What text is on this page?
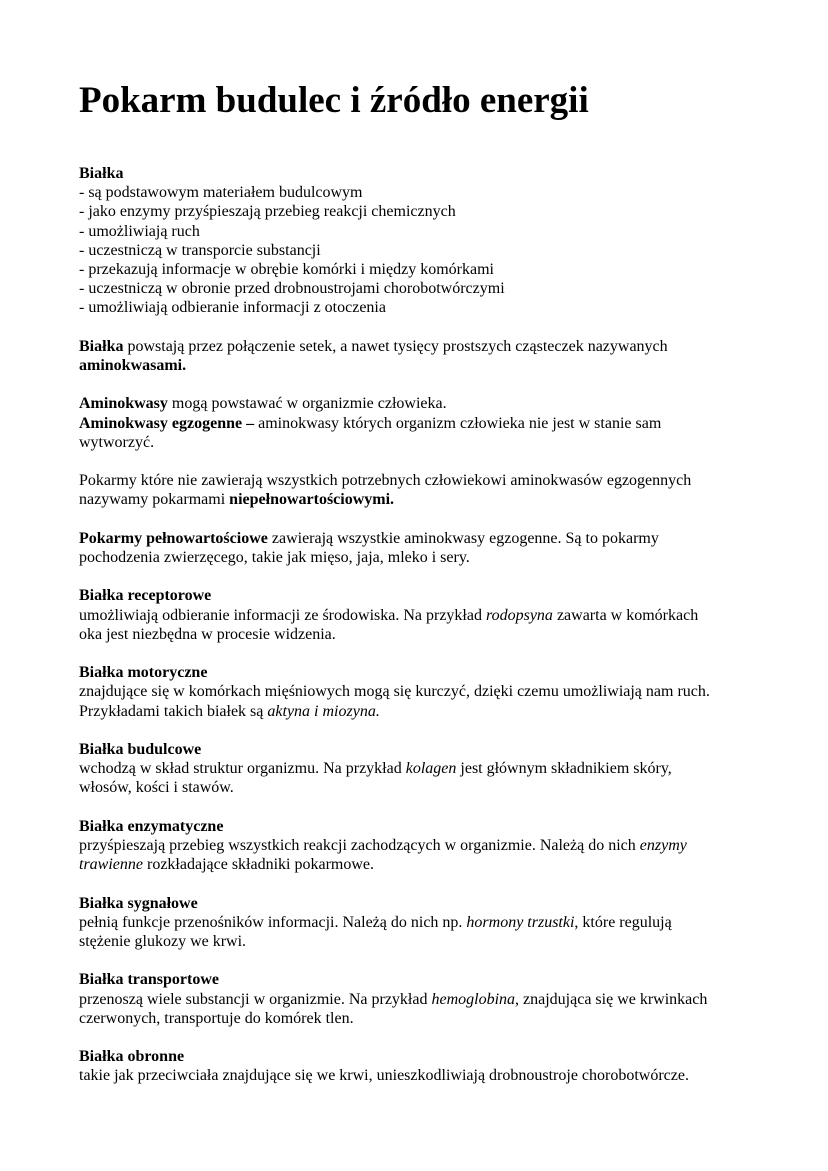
Pokarm budulec i źródło energii
Białka
- są podstawowym materiałem budulcowym
- jako enzymy przyśpieszają przebieg reakcji chemicznych
- umożliwiają ruch
- uczestniczą w transporcie substancji
- przekazują informacje w obrębie komórki i między komórkami
- uczestniczą w obronie przed drobnoustrojami chorobotwórczymi
- umożliwiają odbieranie informacji z otoczenia
Białka powstają przez połączenie setek, a nawet tysięcy prostszych cząsteczek nazywanych
aminokwasami.
Aminokwasy mogą powstawać w organizmie człowieka.
Aminokwasy egzogenne – aminokwasy których organizm człowieka nie jest w stanie sam
wytworzyć.
Pokarmy które nie zawierają wszystkich potrzebnych człowiekowi aminokwasów egzogennych
nazywamy pokarmami niepełnowartościowymi.
Pokarmy pełnowartościowe zawierają wszystkie aminokwasy egzogenne. Są to pokarmy
pochodzenia zwierzęcego, takie jak mięso, jaja, mleko i sery.
Białka receptorowe
umożliwiają odbieranie informacji ze środowiska. Na przykład rodopsyna zawarta w komórkach
oka jest niezbędna w procesie widzenia.
Białka motoryczne
znajdujące się w komórkach mięśniowych mogą się kurczyć, dzięki czemu umożliwiają nam ruch.
Przykładami takich białek są aktyna i miozyna.
Białka budulcowe
wchodzą w skład struktur organizmu. Na przykład kolagen jest głównym składnikiem skóry,
włosów, kości i stawów.
Białka enzymatyczne
przyśpieszają przebieg wszystkich reakcji zachodzących w organizmie. Należą do nich enzymy
trawienne rozkładające składniki pokarmowe.
Białka sygnałowe
pełnią funkcje przenośników informacji. Należą do nich np. hormony trzustki, które regulują
stężenie glukozy we krwi.
Białka transportowe
przenoszą wiele substancji w organizmie. Na przykład hemoglobina, znajdująca się we krwinkach
czerwonych, transportuje do komórek tlen.
Białka obronne
takie jak przeciwciała znajdujące się we krwi, unieszkodliwiają drobnoustroje chorobotwórcze.
